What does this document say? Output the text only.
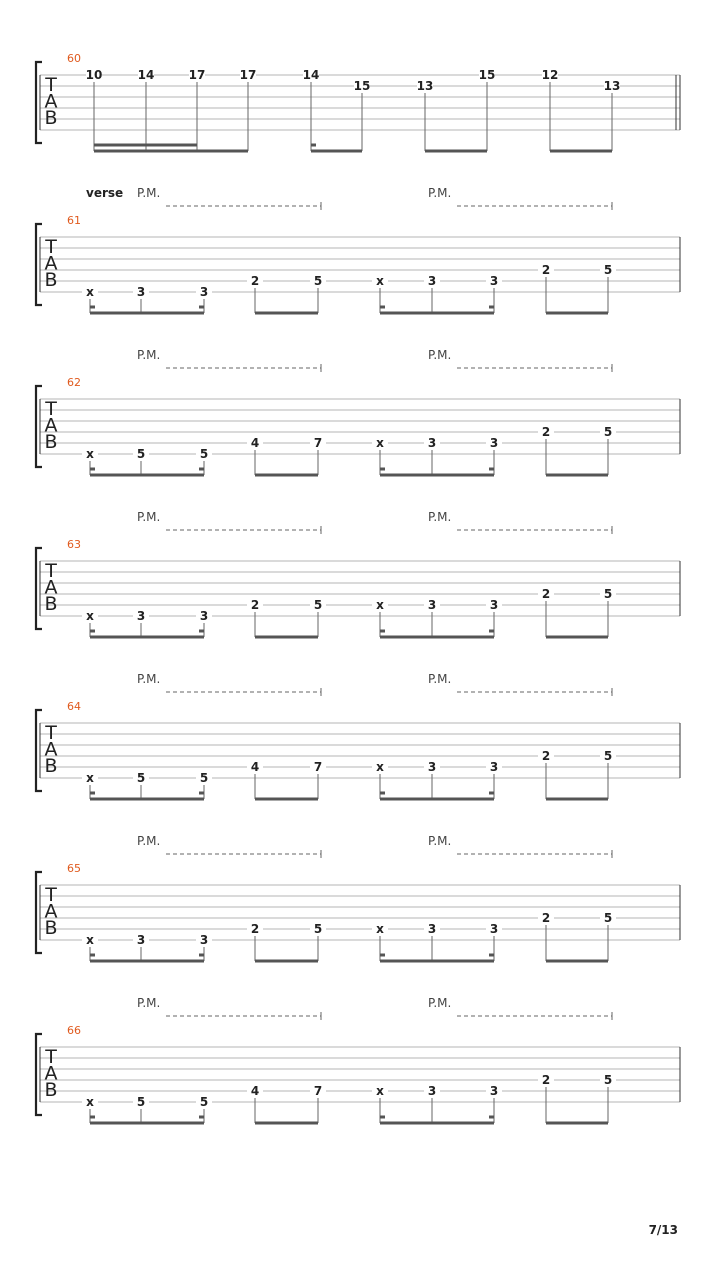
T
A
B
60
10	14	17	17	14
15	13
15	12
13
T
A
B
61
verse P.M.	P.M.
x	3	3
2	5	x	3	3
2	5
T
A
B
62
P.M.	P.M.
x	5	5
4	7	x	3	3
2	5
T
A
B
63
P.M.	P.M.
x	3	3
2	5	x	3	3
2	5
T
A
B
64
P.M.	P.M.
x	5	5
4	7	x	3	3
2	5
T
A
B
65
P.M.	P.M.
x	3	3
2	5	x	3	3
2	5
T
A
B
66
P.M.	P.M.
x	5	5
4	7	x	3	3
2	5
7/13
